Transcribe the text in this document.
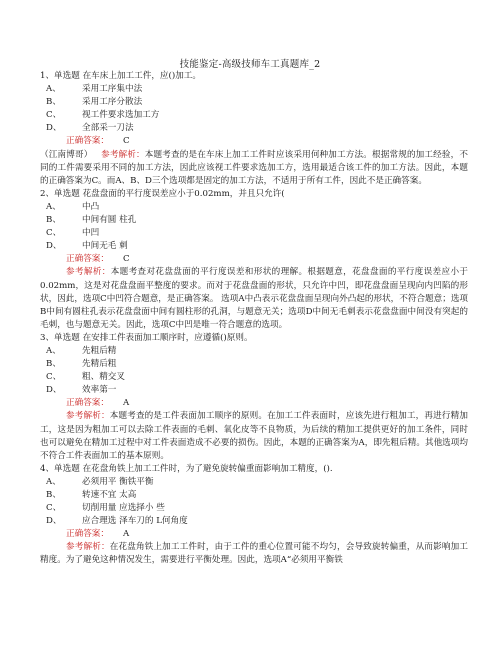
技能鉴定-高级技师车工真题库_2

1、单选题 在车床上加工工件，应()加工。

A、	采用工序集中法
B、	采用工序分散法
C、	视工件要求选加工方
D、	全部采一刀法

正确答案： C

（江南博哥） 参考解析：本题考查的是在车床上加工工件时应该采用何种加工方法。根据常规的加工经验，不同的工件需要采用不同的加工方法，因此应该视工件要求选加工方，选用最适合该工件的加工方法。因此，本题的正确答案为C。而A、B、D三个选项都是固定的加工方法，不适用于所有工件，因此不是正确答案。

2、单选题 花盘盘面的平行度误差应小于0.02mm，并且只允许(

A、	中凸
B、	中间有圆 柱孔
C、	中凹
D、	中间无毛 刺

正确答案： C

参考解析：本题考查对花盘盘面的平行度误差和形状的理解。根据题意，花盘盘面的平行度误差应小于0.02mm，这是对花盘盘面平整度的要求。而对于花盘盘面的形状，只允许中凹，即花盘盘面呈现向内凹陷的形状，因此，选项C中凹符合题意，是正确答案。 选项A中凸表示花盘盘面呈现向外凸起的形状，不符合题意；选项B中间有圆柱孔表示花盘盘面中间有圆柱形的孔洞，与题意无关；选项D中间无毛刺表示花盘盘面中间没有突起的毛刺，也与题意无关。因此，选项C中凹是唯一符合题意的选项。

3、单选题 在安排工件表面加工顺序时，应遵循()原则。

A、	先粗后精
B、	先精后粗
C、	粗、精交叉
D、	效率第一

正确答案： A

参考解析：本题考查的是工件表面加工顺序的原则。在加工工件表面时，应该先进行粗加工，再进行精加工，这是因为粗加工可以去除工件表面的毛刺、氧化皮等不良物质，为后续的精加工提供更好的加工条件，同时也可以避免在精加工过程中对工件表面造成不必要的损伤。因此，本题的正确答案为A，即先粗后精。其他选项均不符合工件表面加工的基本原则。

4、单选题 在花盘角铁上加工工件时，为了避免旋转偏重面影响加工精度，().

A、	必须用平 衡铁平衡
B、	转速不宜 太高
C、	切削用量 应选择小 些
D、	应合理选 泽车刀的 L何角度

正确答案： A

参考解析：在花盘角铁上加工工件时，由于工件的重心位置可能不均匀，会导致旋转偏重，从而影响加工精度。为了避免这种情况发生，需要进行平衡处理。因此，选项A“必须用平衡铁
